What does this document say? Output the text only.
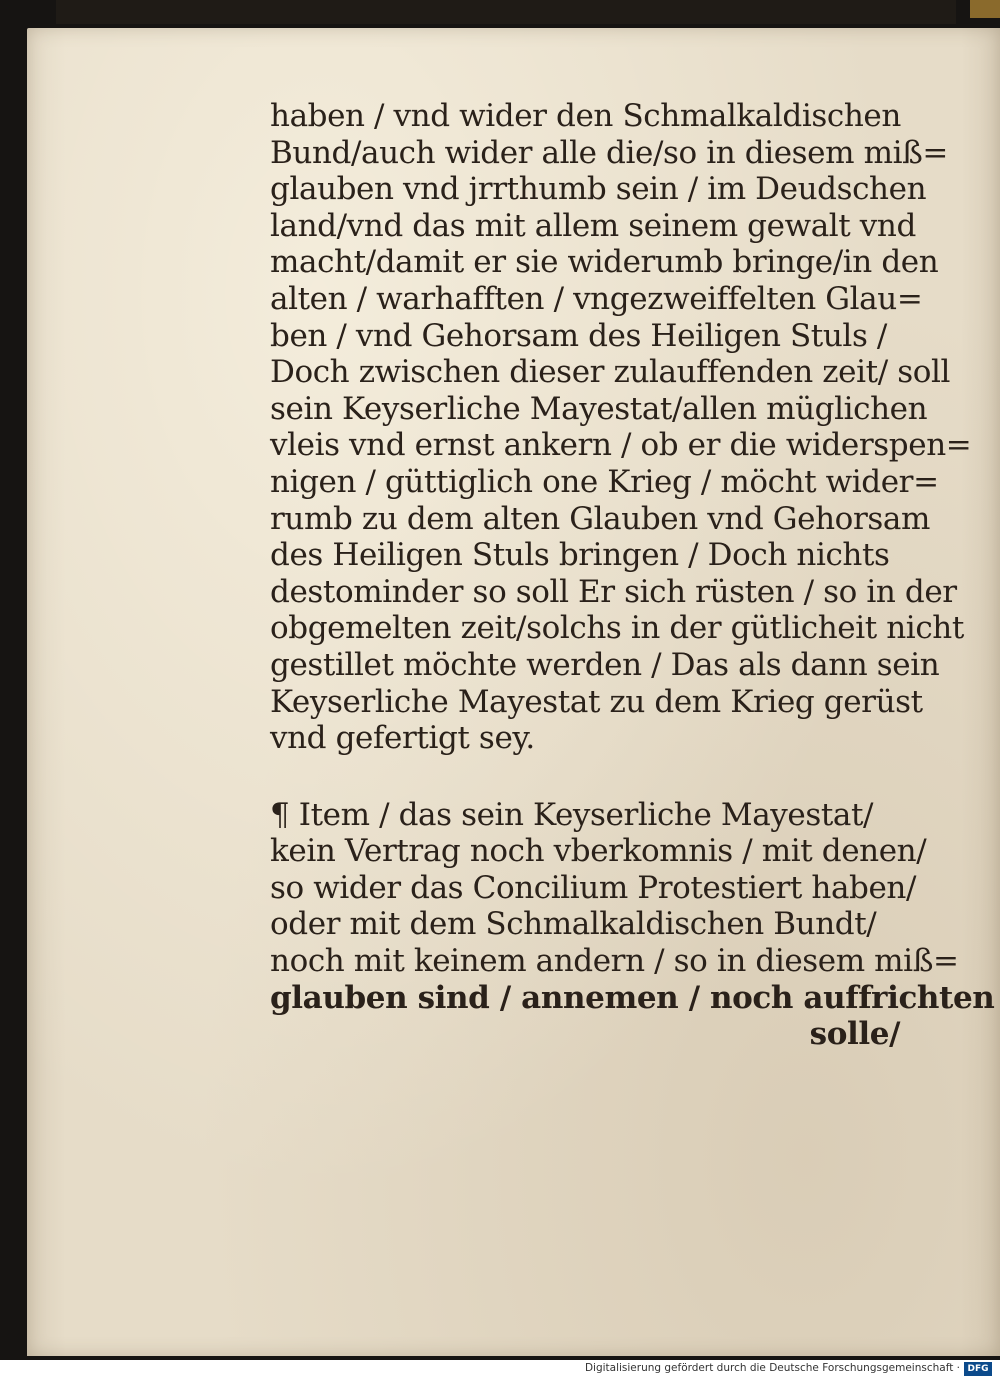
haben / vnd wider den Schmalkaldischen
Bund/auch wider alle die/so in diesem miß=
glauben vnd jrrthumb sein / im Deudschen
land/vnd das mit allem seinem gewalt vnd
macht/damit er sie widerumb bringe/in den
alten / warhafften / vngezweiffelten Glau=
ben / vnd Gehorsam des Heiligen Stuls /
Doch zwischen dieser zulauffenden zeit/ soll
sein Keyserliche Mayestat/allen müglichen
vleis vnd ernst ankern / ob er die widerspen=
nigen / güttiglich one Krieg / möcht wider=
rumb zu dem alten Glauben vnd Gehorsam
des Heiligen Stuls bringen / Doch nichts
destominder so soll Er sich rüsten / so in der
obgemelten zeit/solchs in der gütlicheit nicht
gestillet möchte werden / Das als dann sein
Keyserliche Mayestat zu dem Krieg gerüst
vnd gefertigt sey.
¶ Item / das sein Keyserliche Mayestat/
kein Vertrag noch vberkomnis / mit denen/
so wider das Concilium Protestiert haben/
oder mit dem Schmalkaldischen Bundt/
noch mit keinem andern / so in diesem miß=
glauben sind / annemen / noch auffrichten
solle/
Digitalisierung gefördert durch die Deutsche Forschungsgemeinschaft · DFG
